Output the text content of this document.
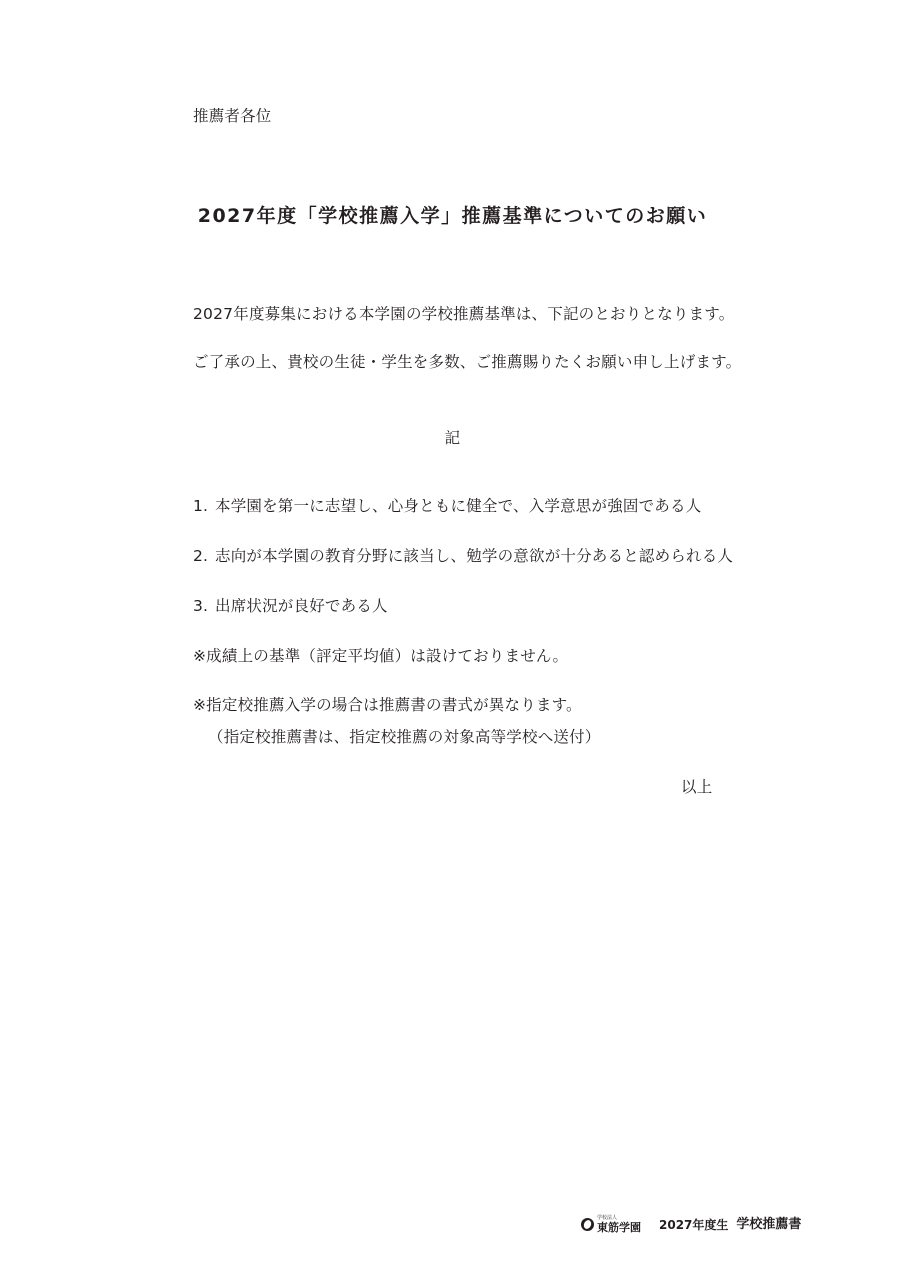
推薦者各位
2027年度「学校推薦入学」推薦基準についてのお願い
2027年度募集における本学園の学校推薦基準は、下記のとおりとなります。
ご了承の上、貴校の生徒・学生を多数、ご推薦賜りたくお願い申し上げます。
記
1. 本学園を第一に志望し、心身ともに健全で、入学意思が強固である人
2. 志向が本学園の教育分野に該当し、勉学の意欲が十分あると認められる人
3. 出席状況が良好である人
※成績上の基準（評定平均値）は設けておりません。
※指定校推薦入学の場合は推薦書の書式が異なります。
（指定校推薦書は、指定校推薦の対象高等学校へ送付）
以上
学校法人
東筋学園 2027年度生 学校推薦書
